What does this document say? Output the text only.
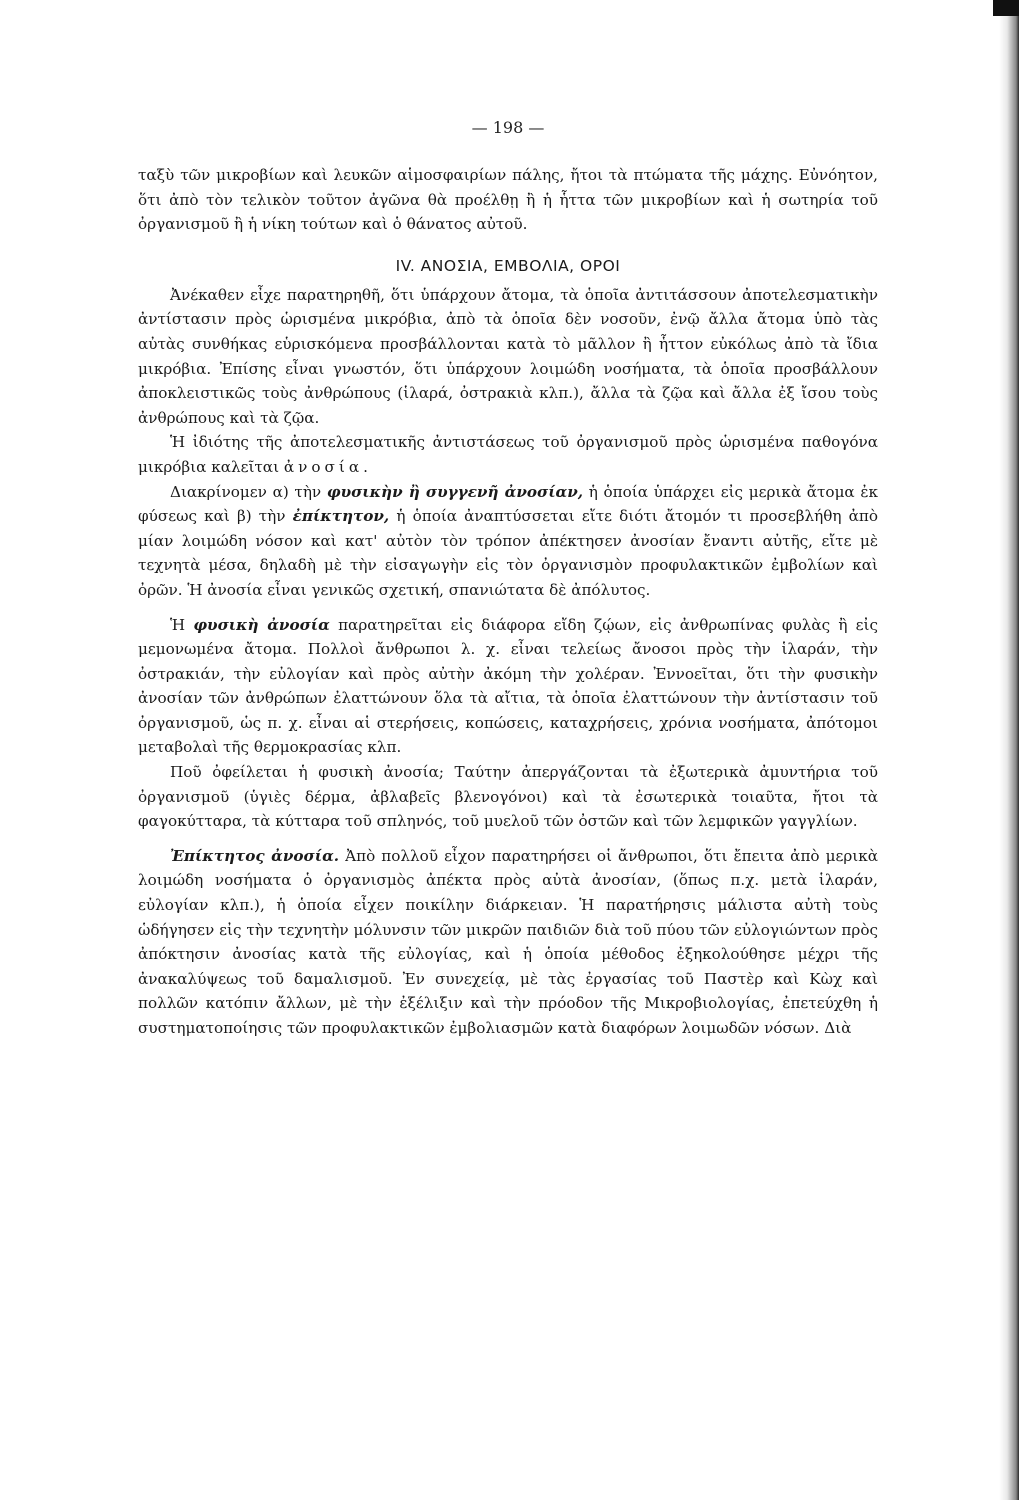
— 198 —

ταξὺ τῶν μικροβίων καὶ λευκῶν αἱμοσφαιρίων πάλης, ἤτοι τὰ πτώματα τῆς μάχης. Εὐνόητον, ὅτι ἀπὸ τὸν τελικὸν τοῦτον ἀγῶνα θὰ προέλθῃ ἢ ἡ ἧττα τῶν μικροβίων καὶ ἡ σωτηρία τοῦ ὀργανισμοῦ ἢ ἡ νίκη τούτων καὶ ὁ θάνατος αὐτοῦ.

IV. ΑΝΟΣΙΑ, ΕΜΒΟΛΙΑ, ΟΡΟΙ

Ἀνέκαθεν εἶχε παρατηρηθῆ, ὅτι ὑπάρχουν ἄτομα, τὰ ὁποῖα ἀντιτάσσουν ἀποτελεσματικὴν ἀντίστασιν πρὸς ὡρισμένα μικρόβια, ἀπὸ τὰ ὁποῖα δὲν νοσοῦν, ἐνῷ ἄλλα ἄτομα ὑπὸ τὰς αὐτὰς συνθήκας εὑρισκόμενα προσβάλλονται κατὰ τὸ μᾶλλον ἢ ἧττον εὐκόλως ἀπὸ τὰ ἴδια μικρόβια. Ἐπίσης εἶναι γνωστόν, ὅτι ὑπάρχουν λοιμώδη νοσήματα, τὰ ὁποῖα προσβάλλουν ἀποκλειστικῶς τοὺς ἀνθρώπους (ἱλαρά, ὀστρακιὰ κλπ.), ἄλλα τὰ ζῷα καὶ ἄλλα ἐξ ἴσου τοὺς ἀνθρώπους καὶ τὰ ζῷα.

Ἡ ἰδιότης τῆς ἀποτελεσματικῆς ἀντιστάσεως τοῦ ὀργανισμοῦ πρὸς ὡρισμένα παθογόνα μικρόβια καλεῖται ἀνοσία.

Διακρίνομεν α) τὴν φυσικὴν ἢ συγγενῆ ἀνοσίαν, ἡ ὁποία ὑπάρχει εἰς μερικὰ ἄτομα ἐκ φύσεως καὶ β) τὴν ἐπίκτητον, ἡ ὁποία ἀναπτύσσεται εἴτε διότι ἄτομόν τι προσεβλήθη ἀπὸ μίαν λοιμώδη νόσον καὶ κατ' αὐτὸν τὸν τρόπον ἀπέκτησεν ἀνοσίαν ἔναντι αὐτῆς, εἴτε μὲ τεχνητὰ μέσα, δηλαδὴ μὲ τὴν εἰσαγωγὴν εἰς τὸν ὀργανισμὸν προφυλακτικῶν ἐμβολίων καὶ ὀρῶν. Ἡ ἀνοσία εἶναι γενικῶς σχετική, σπανιώτατα δὲ ἀπόλυτος.

Ἡ φυσικὴ ἀνοσία παρατηρεῖται εἰς διάφορα εἴδη ζῴων, εἰς ἀνθρωπίνας φυλὰς ἢ εἰς μεμονωμένα ἄτομα. Πολλοὶ ἄνθρωποι λ. χ. εἶναι τελείως ἄνοσοι πρὸς τὴν ἱλαράν, τὴν ὀστρακιάν, τὴν εὐλογίαν καὶ πρὸς αὐτὴν ἀκόμη τὴν χολέραν. Ἐννοεῖται, ὅτι τὴν φυσικὴν ἀνοσίαν τῶν ἀνθρώπων ἐλαττώνουν ὅλα τὰ αἴτια, τὰ ὁποῖα ἐλαττώνουν τὴν ἀντίστασιν τοῦ ὀργανισμοῦ, ὡς π. χ. εἶναι αἱ στερήσεις, κοπώσεις, καταχρήσεις, χρόνια νοσήματα, ἀπότομοι μεταβολαὶ τῆς θερμοκρασίας κλπ.

Ποῦ ὀφείλεται ἡ φυσικὴ ἀνοσία; Ταύτην ἀπεργάζονται τὰ ἐξωτερικὰ ἀμυντήρια τοῦ ὀργανισμοῦ (ὑγιὲς δέρμα, ἀβλαβεῖς βλενογόνοι) καὶ τὰ ἐσωτερικὰ τοιαῦτα, ἤτοι τὰ φαγοκύτταρα, τὰ κύτταρα τοῦ σπληνός, τοῦ μυελοῦ τῶν ὀστῶν καὶ τῶν λεμφικῶν γαγγλίων.

Ἐπίκτητος ἀνοσία. Ἀπὸ πολλοῦ εἶχον παρατηρήσει οἱ ἄνθρωποι, ὅτι ἔπειτα ἀπὸ μερικὰ λοιμώδη νοσήματα ὁ ὀργανισμὸς ἀπέκτα πρὸς αὐτὰ ἀνοσίαν, (ὅπως π.χ. μετὰ ἱλαράν, εὐλογίαν κλπ.), ἡ ὁποία εἶχεν ποικίλην διάρκειαν. Ἡ παρατήρησις μάλιστα αὐτὴ τοὺς ὡδήγησεν εἰς τὴν τεχνητὴν μόλυνσιν τῶν μικρῶν παιδιῶν διὰ τοῦ πύου τῶν εὐλογιώντων πρὸς ἀπόκτησιν ἀνοσίας κατὰ τῆς εὐλογίας, καὶ ἡ ὁποία μέθοδος ἐξηκολούθησε μέχρι τῆς ἀνακαλύψεως τοῦ δαμαλισμοῦ. Ἐν συνεχείᾳ, μὲ τὰς ἐργασίας τοῦ Παστὲρ καὶ Κὼχ καὶ πολλῶν κατόπιν ἄλλων, μὲ τὴν ἐξέλιξιν καὶ τὴν πρόοδον τῆς Μικροβιολογίας, ἐπετεύχθη ἡ συστηματοποίησις τῶν προφυλακτικῶν ἐμβολιασμῶν κατὰ διαφόρων λοιμωδῶν νόσων. Διὰ
